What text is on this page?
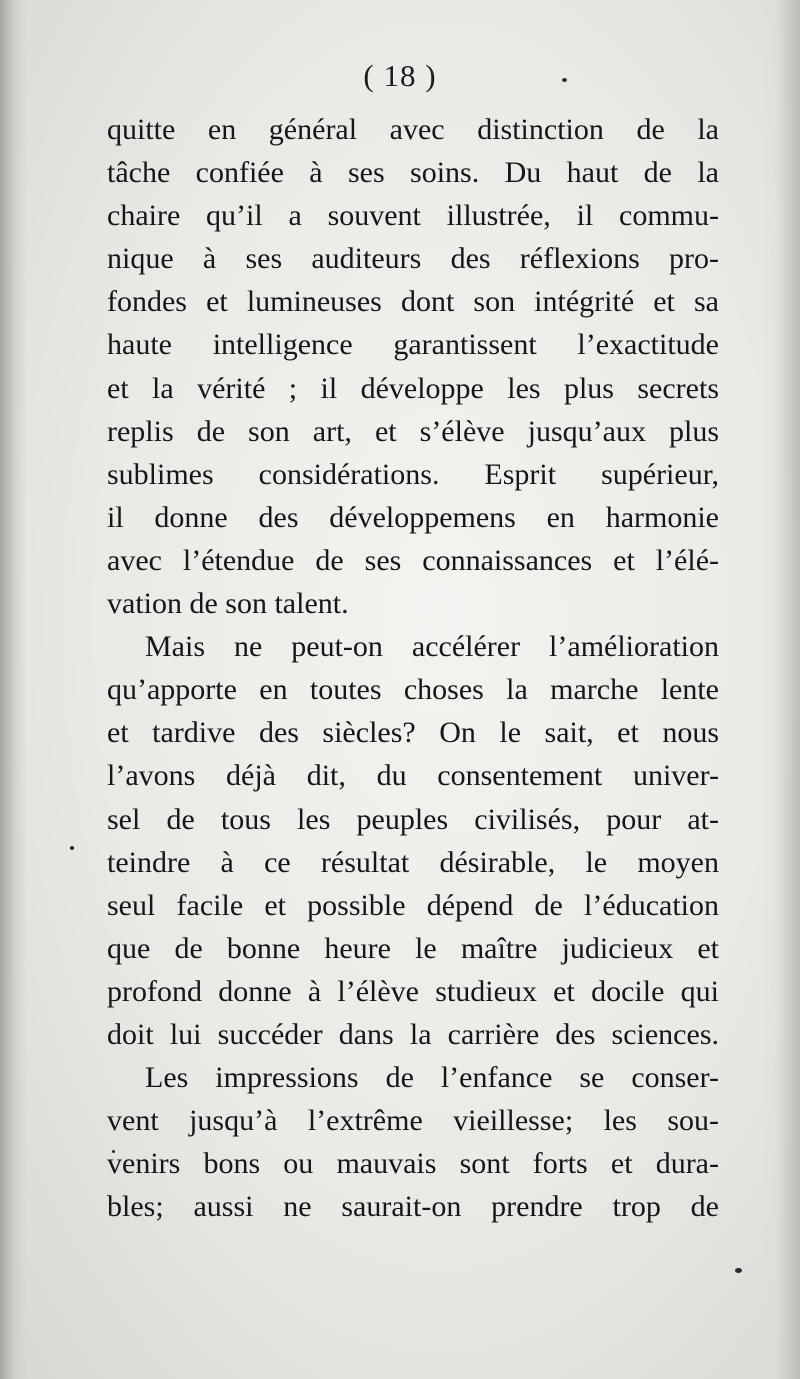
( 18 )
quitte en général avec distinction de la
tâche confiée à ses soins. Du haut de la
chaire qu’il a souvent illustrée, il commu-
nique à ses auditeurs des réflexions pro-
fondes et lumineuses dont son intégrité et sa
haute intelligence garantissent l’exactitude
et la vérité ; il développe les plus secrets
replis de son art, et s’élève jusqu’aux plus
sublimes considérations. Esprit supérieur,
il donne des développemens en harmonie
avec l’étendue de ses connaissances et l’élé-
vation de son talent.
Mais ne peut-on accélérer l’amélioration
qu’apporte en toutes choses la marche lente
et tardive des siècles? On le sait, et nous
l’avons déjà dit, du consentement univer-
sel de tous les peuples civilisés, pour at-
teindre à ce résultat désirable, le moyen
seul facile et possible dépend de l’éducation
que de bonne heure le maître judicieux et
profond donne à l’élève studieux et docile qui
doit lui succéder dans la carrière des sciences.
Les impressions de l’enfance se conser-
vent jusqu’à l’extrême vieillesse; les sou-
venirs bons ou mauvais sont forts et dura-
bles; aussi ne saurait-on prendre trop de
